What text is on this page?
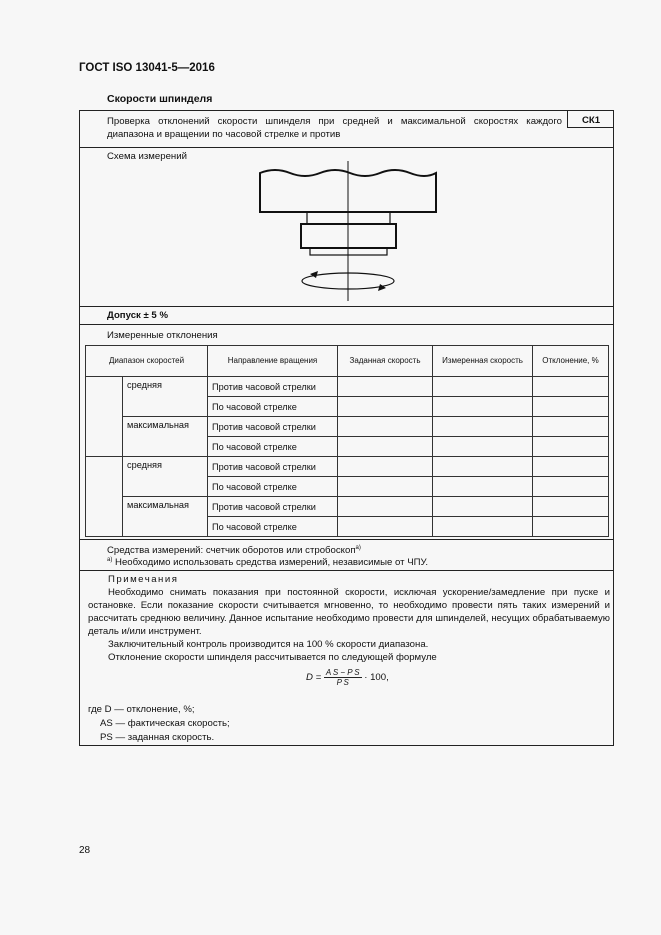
ГОСТ ISO 13041-5—2016
Скорости шпинделя
Проверка отклонений скорости шпинделя при средней и максимальной скоростях каждого диапазона и вращении по часовой стрелке и против
СК1
Схема измерений
Допуск ± 5 %
Измеренные отклонения
Средства измерений: счетчик оборотов или стробоскоп$^{а)}$
$^{а)}$ Необходимо использовать средства измерений, независимые от ЧПУ.

Примечания

Необходимо снимать показания при постоянной скорости, исключая ускорение/замедление при пуске и остановке. Если показание скорости считывается мгновенно, то необходимо провести пять таких измерений и рассчитать среднюю величину. Данное испытание необходимо провести для шпинделей, несущих обрабатываемую деталь и/или инструмент.

Заключительный контроль производится на 100 % скорости диапазона.

Отклонение скорости шпинделя рассчитывается по следующей формуле

где D — отклонение, %;
AS — фактическая скорость;
PS — заданная скорость.
Диапазон скоростей		Направление вращения	Заданная скорость	Измеренная скорость	Отклонение, %
	средняя	Против часовой стрелки			
		По часовой стрелке			
	максимальная	Против часовой стрелки			
		По часовой стрелке			
	средняя	Против часовой стрелки			
		По часовой стрелке			
	максимальная	Против часовой стрелки			
		По часовой стрелке			
$D = \frac{\text{A S − P S}}{\text{P S}} \cdot 100$,
28
